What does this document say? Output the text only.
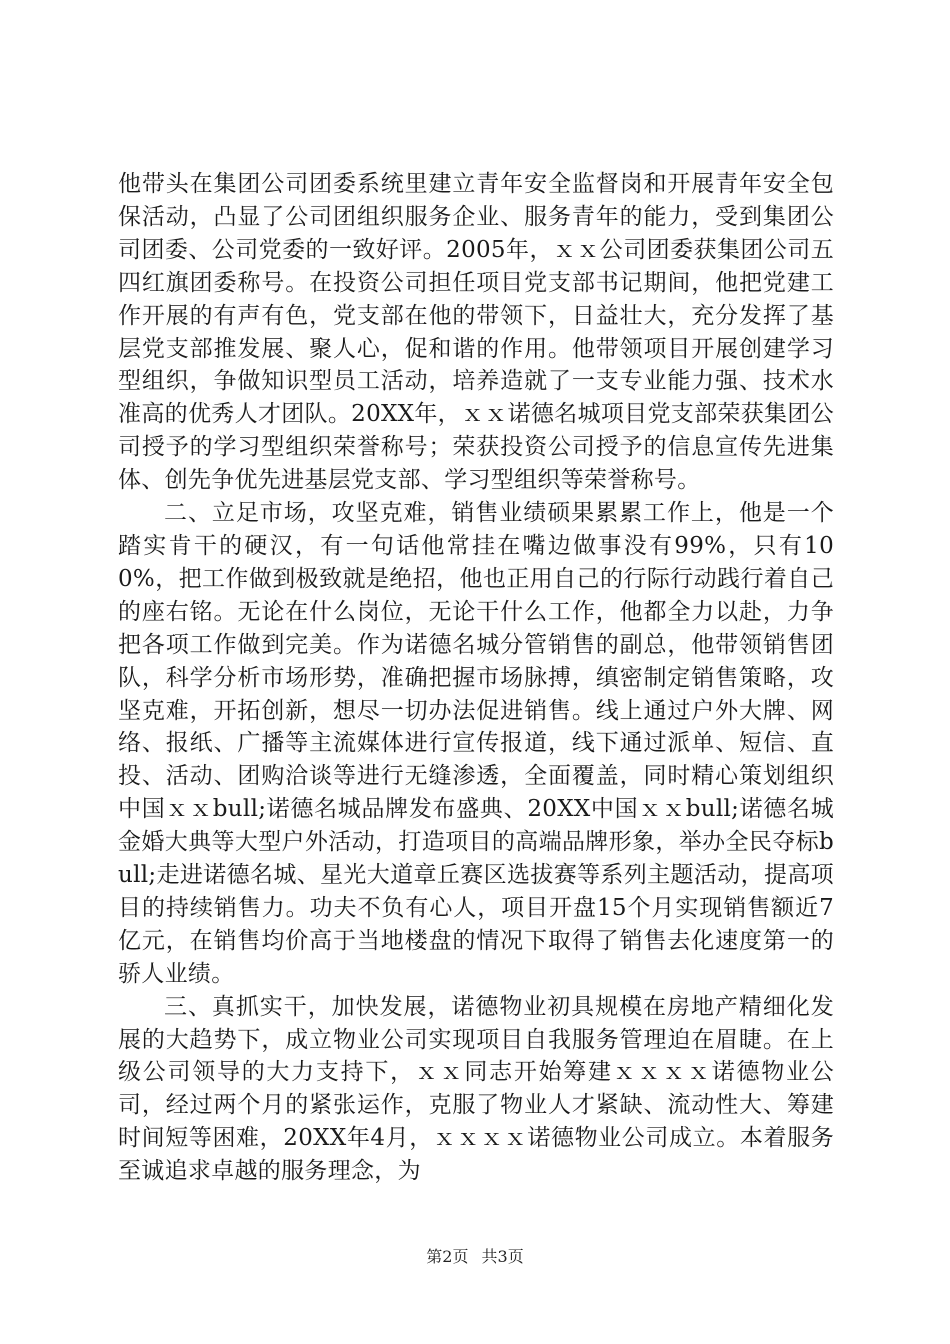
他带头在集团公司团委系统里建立青年安全监督岗和开展青年安全包保活动，凸显了公司团组织服务企业、服务青年的能力，受到集团公司团委、公司党委的一致好评。2005年，ｘｘ公司团委获集团公司五四红旗团委称号。在投资公司担任项目党支部书记期间，他把党建工作开展的有声有色，党支部在他的带领下，日益壮大，充分发挥了基层党支部推发展、聚人心，促和谐的作用。他带领项目开展创建学习型组织，争做知识型员工活动，培养造就了一支专业能力强、技术水准高的优秀人才团队。20XX年，ｘｘ诺德名城项目党支部荣获集团公司授予的学习型组织荣誉称号；荣获投资公司授予的信息宣传先进集体、创先争优先进基层党支部、学习型组织等荣誉称号。

二、立足市场，攻坚克难，销售业绩硕果累累工作上，他是一个踏实肯干的硬汉，有一句话他常挂在嘴边做事没有99%，只有100%，把工作做到极致就是绝招，他也正用自己的行际行动践行着自己的座右铭。无论在什么岗位，无论干什么工作，他都全力以赴，力争把各项工作做到完美。作为诺德名城分管销售的副总，他带领销售团队，科学分析市场形势，准确把握市场脉搏，缜密制定销售策略，攻坚克难，开拓创新，想尽一切办法促进销售。线上通过户外大牌、网络、报纸、广播等主流媒体进行宣传报道，线下通过派单、短信、直投、活动、团购洽谈等进行无缝渗透，全面覆盖，同时精心策划组织中国ｘｘbull;诺德名城品牌发布盛典、20XX中国ｘｘbull;诺德名城金婚大典等大型户外活动，打造项目的高端品牌形象，举办全民夺标bull;走进诺德名城、星光大道章丘赛区选拔赛等系列主题活动，提高项目的持续销售力。功夫不负有心人，项目开盘15个月实现销售额近7亿元，在销售均价高于当地楼盘的情况下取得了销售去化速度第一的骄人业绩。

三、真抓实干，加快发展，诺德物业初具规模在房地产精细化发展的大趋势下，成立物业公司实现项目自我服务管理迫在眉睫。在上级公司领导的大力支持下，ｘｘ同志开始筹建ｘｘｘｘ诺德物业公司，经过两个月的紧张运作，克服了物业人才紧缺、流动性大、筹建时间短等困难，20XX年4月，ｘｘｘｘ诺德物业公司成立。本着服务至诚追求卓越的服务理念，为

第2页 共3页
